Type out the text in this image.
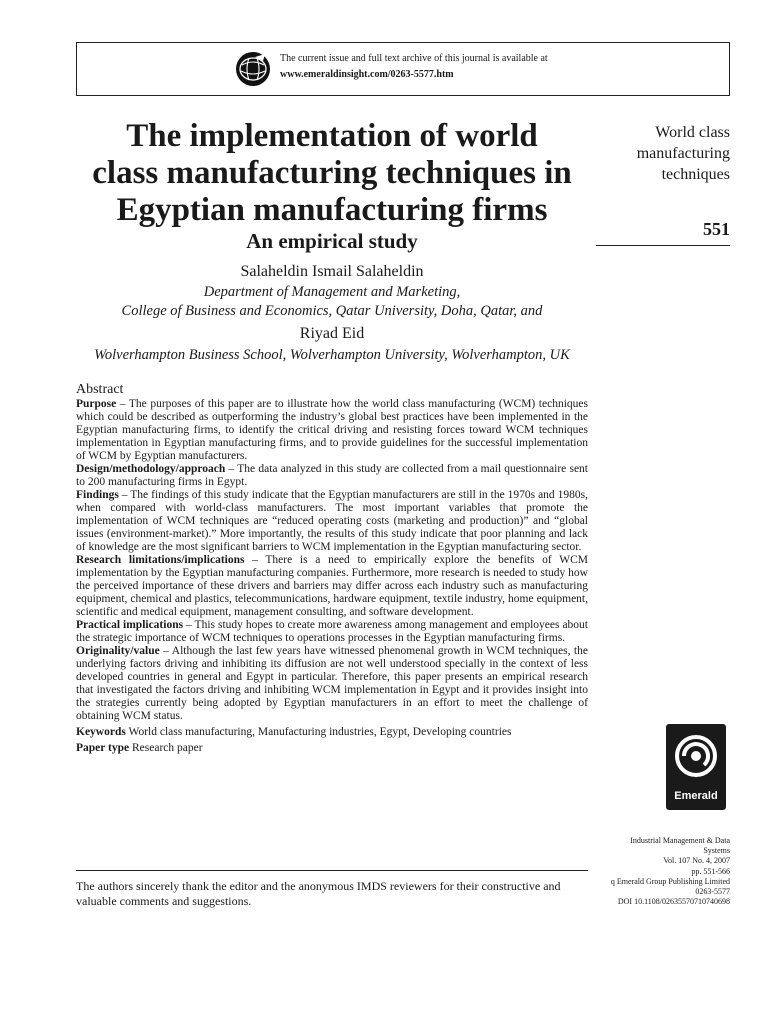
The current issue and full text archive of this journal is available at
www.emeraldinsight.com/0263-5577.htm
The implementation of world
class manufacturing techniques in
Egyptian manufacturing firms
An empirical study
Salaheldin Ismail Salaheldin
Department of Management and Marketing,
College of Business and Economics, Qatar University, Doha, Qatar, and
Riyad Eid
Wolverhampton Business School, Wolverhampton University, Wolverhampton, UK
World class
manufacturing
techniques
551
Abstract

Purpose – The purposes of this paper are to illustrate how the world class manufacturing (WCM) techniques which could be described as outperforming the industry’s global best practices have been implemented in the Egyptian manufacturing firms, to identify the critical driving and resisting forces toward WCM techniques implementation in Egyptian manufacturing firms, and to provide guidelines for the successful implementation of WCM by Egyptian manufacturers.

Design/methodology/approach – The data analyzed in this study are collected from a mail questionnaire sent to 200 manufacturing firms in Egypt.

Findings – The findings of this study indicate that the Egyptian manufacturers are still in the 1970s and 1980s, when compared with world-class manufacturers. The most important variables that promote the implementation of WCM techniques are “reduced operating costs (marketing and production)” and “global issues (environment-market).” More importantly, the results of this study indicate that poor planning and lack of knowledge are the most significant barriers to WCM implementation in the Egyptian manufacturing sector.

Research limitations/implications – There is a need to empirically explore the benefits of WCM implementation by the Egyptian manufacturing companies. Furthermore, more research is needed to study how the perceived importance of these drivers and barriers may differ across each industry such as manufacturing equipment, chemical and plastics, telecommunications, hardware equipment, textile industry, home equipment, scientific and medical equipment, management consulting, and software development.

Practical implications – This study hopes to create more awareness among management and employees about the strategic importance of WCM techniques to operations processes in the Egyptian manufacturing firms.

Originality/value – Although the last few years have witnessed phenomenal growth in WCM techniques, the underlying factors driving and inhibiting its diffusion are not well understood specially in the context of less developed countries in general and Egypt in particular. Therefore, this paper presents an empirical research that investigated the factors driving and inhibiting WCM implementation in Egypt and it provides insight into the strategies currently being adopted by Egyptian manufacturers in an effort to meet the challenge of obtaining WCM status.

Keywords World class manufacturing, Manufacturing industries, Egypt, Developing countries

Paper type Research paper

Emerald
Industrial Management & Data
Systems
Vol. 107 No. 4, 2007
pp. 551-566
q Emerald Group Publishing Limited
0263-5577
DOI 10.1108/02635570710740698
The authors sincerely thank the editor and the anonymous IMDS reviewers for their constructive and valuable comments and suggestions.
